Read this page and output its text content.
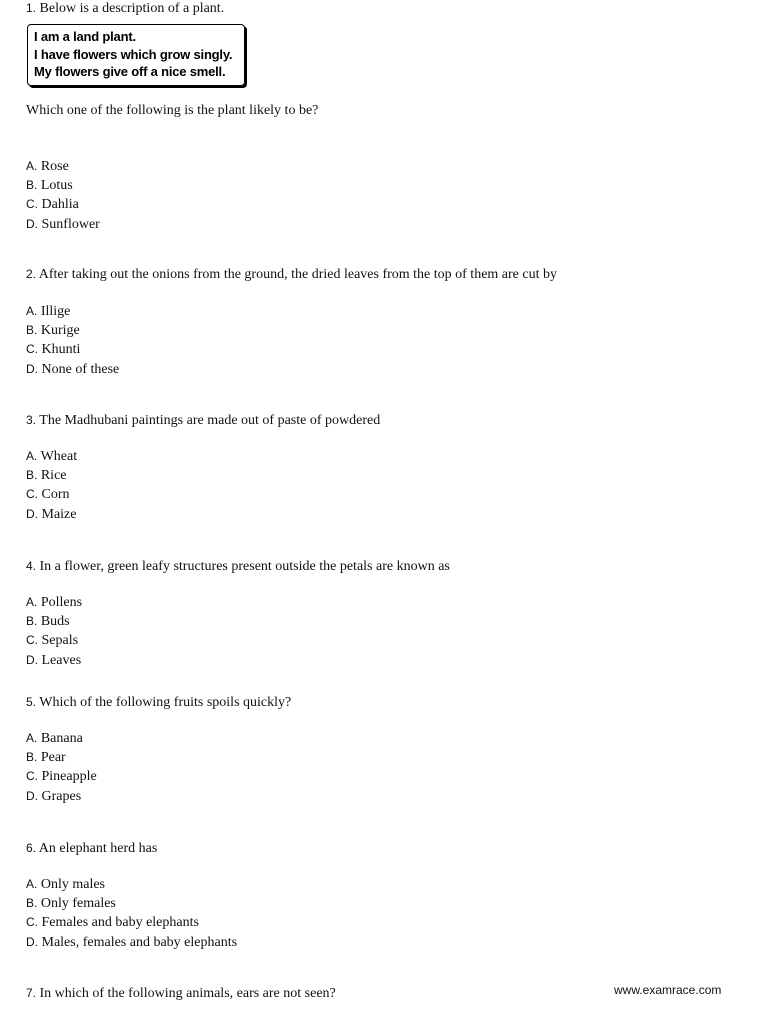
1. Below is a description of a plant.
I am a land plant.
I have flowers which grow singly.
My flowers give off a nice smell.
Which one of the following is the plant likely to be?
A. Rose
B. Lotus
C. Dahlia
D. Sunflower
2. After taking out the onions from the ground, the dried leaves from the top of them are cut by
A. Illige
B. Kurige
C. Khunti
D. None of these
3. The Madhubani paintings are made out of paste of powdered
A. Wheat
B. Rice
C. Corn
D. Maize
4. In a flower, green leafy structures present outside the petals are known as
A. Pollens
B. Buds
C. Sepals
D. Leaves
5. Which of the following fruits spoils quickly?
A. Banana
B. Pear
C. Pineapple
D. Grapes
6. An elephant herd has
A. Only males
B. Only females
C. Females and baby elephants
D. Males, females and baby elephants
7. In which of the following animals, ears are not seen?	www.examrace.com
